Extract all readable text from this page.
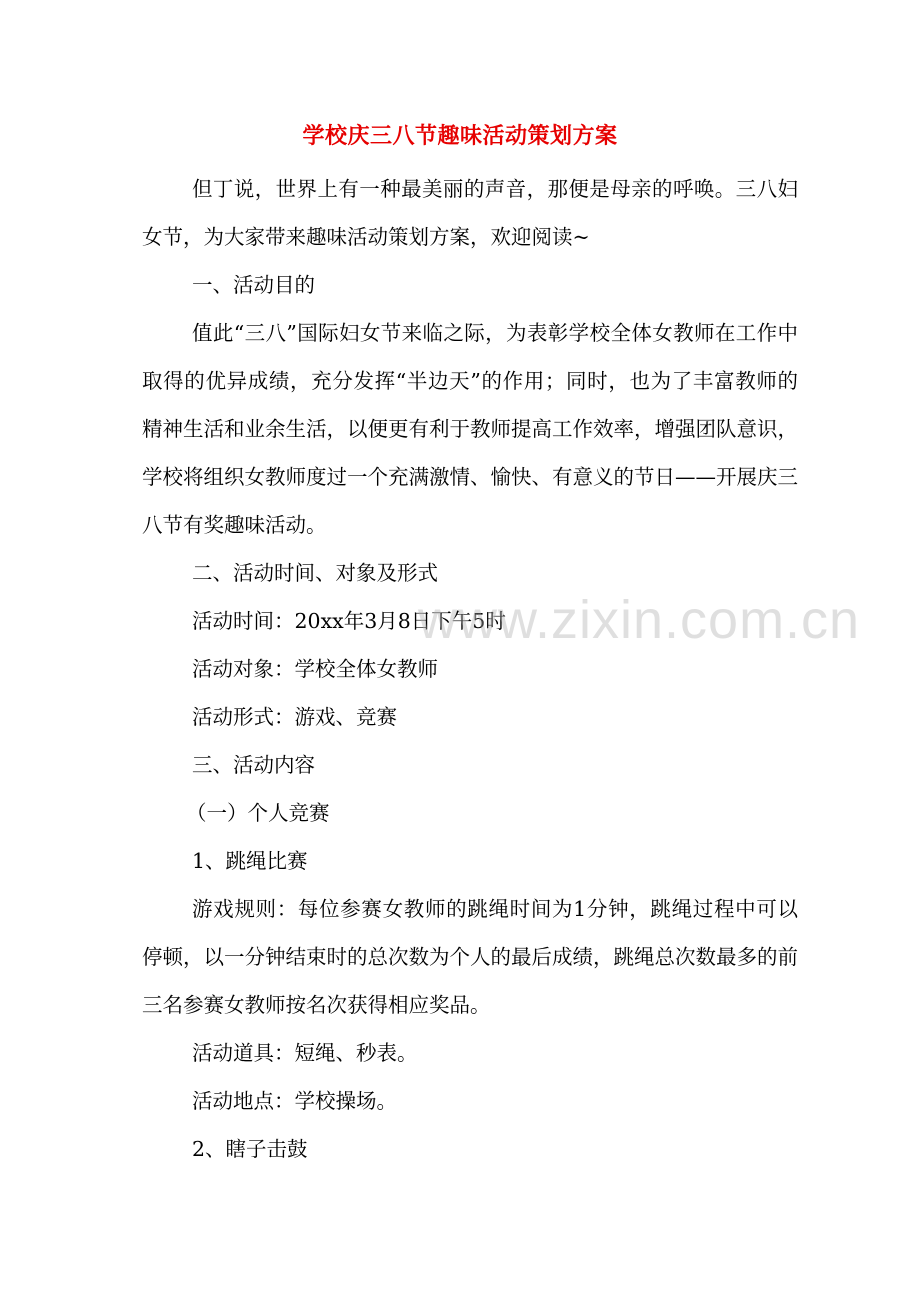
学校庆三八节趣味活动策划方案

但丁说，世界上有一种最美丽的声音，那便是母亲的呼唤。三八妇女节，为大家带来趣味活动策划方案，欢迎阅读~

一、活动目的

值此“三八”国际妇女节来临之际，为表彰学校全体女教师在工作中取得的优异成绩，充分发挥“半边天”的作用；同时，也为了丰富教师的精神生活和业余生活，以便更有利于教师提高工作效率，增强团队意识，学校将组织女教师度过一个充满激情、愉快、有意义的节日——开展庆三八节有奖趣味活动。

二、活动时间、对象及形式

活动时间：20xx年3月8日下午5时

活动对象：学校全体女教师

活动形式：游戏、竞赛

三、活动内容

（一）个人竞赛

1、跳绳比赛

游戏规则：每位参赛女教师的跳绳时间为1分钟，跳绳过程中可以停顿，以一分钟结束时的总次数为个人的最后成绩，跳绳总次数最多的前三名参赛女教师按名次获得相应奖品。

活动道具：短绳、秒表。

活动地点：学校操场。

2、瞎子击鼓

www.zixin.com.cn
